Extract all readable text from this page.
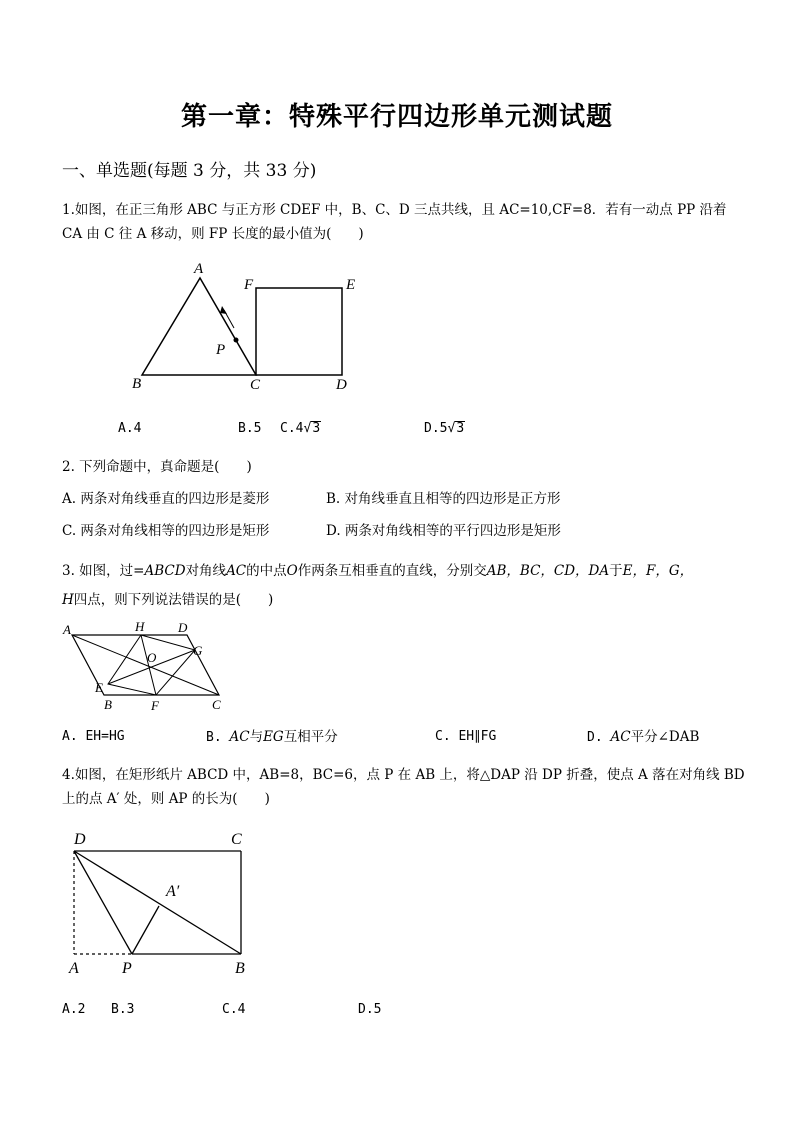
第一章：特殊平行四边形单元测试题
一、单选题(每题 3 分，共 33 分)
1.如图，在正三角形 ABC 与正方形 CDEF 中，B、C、D 三点共线，且 AC=10,CF=8．若有一动点 PP 沿着
CA 由 C 往 A 移动，则 FP 长度的最小值为(　　)
A
B	C	D
E
F
P
A.4	B.5 C.4√3	D.5√3
2. 下列命题中，真命题是(　　)
A. 两条对角线垂直的四边形是菱形	B. 对角线垂直且相等的四边形是正方形
C. 两条对角线相等的四边形是矩形	D. 两条对角线相等的平行四边形是矩形
3. 如图，过=ABCD对角线AC的中点O作两条互相垂直的直线，分别交AB，BC，CD，DA于E，F，G，
H四点，则下列说法错误的是(　　)
A	H	D
G
O
E
B	F	C
A. EH=HG	B. AC与EG互相平分	C. EH∥FG	D. AC平分∠DAB
4.如图，在矩形纸片 ABCD 中，AB=8，BC=6，点 P 在 AB 上，将△DAP 沿 DP 折叠，使点 A 落在对角线 BD
上的点 A′ 处，则 AP 的长为(　　)
D	C
A′
A	P	B
A.2 B.3	C.4	D.5
